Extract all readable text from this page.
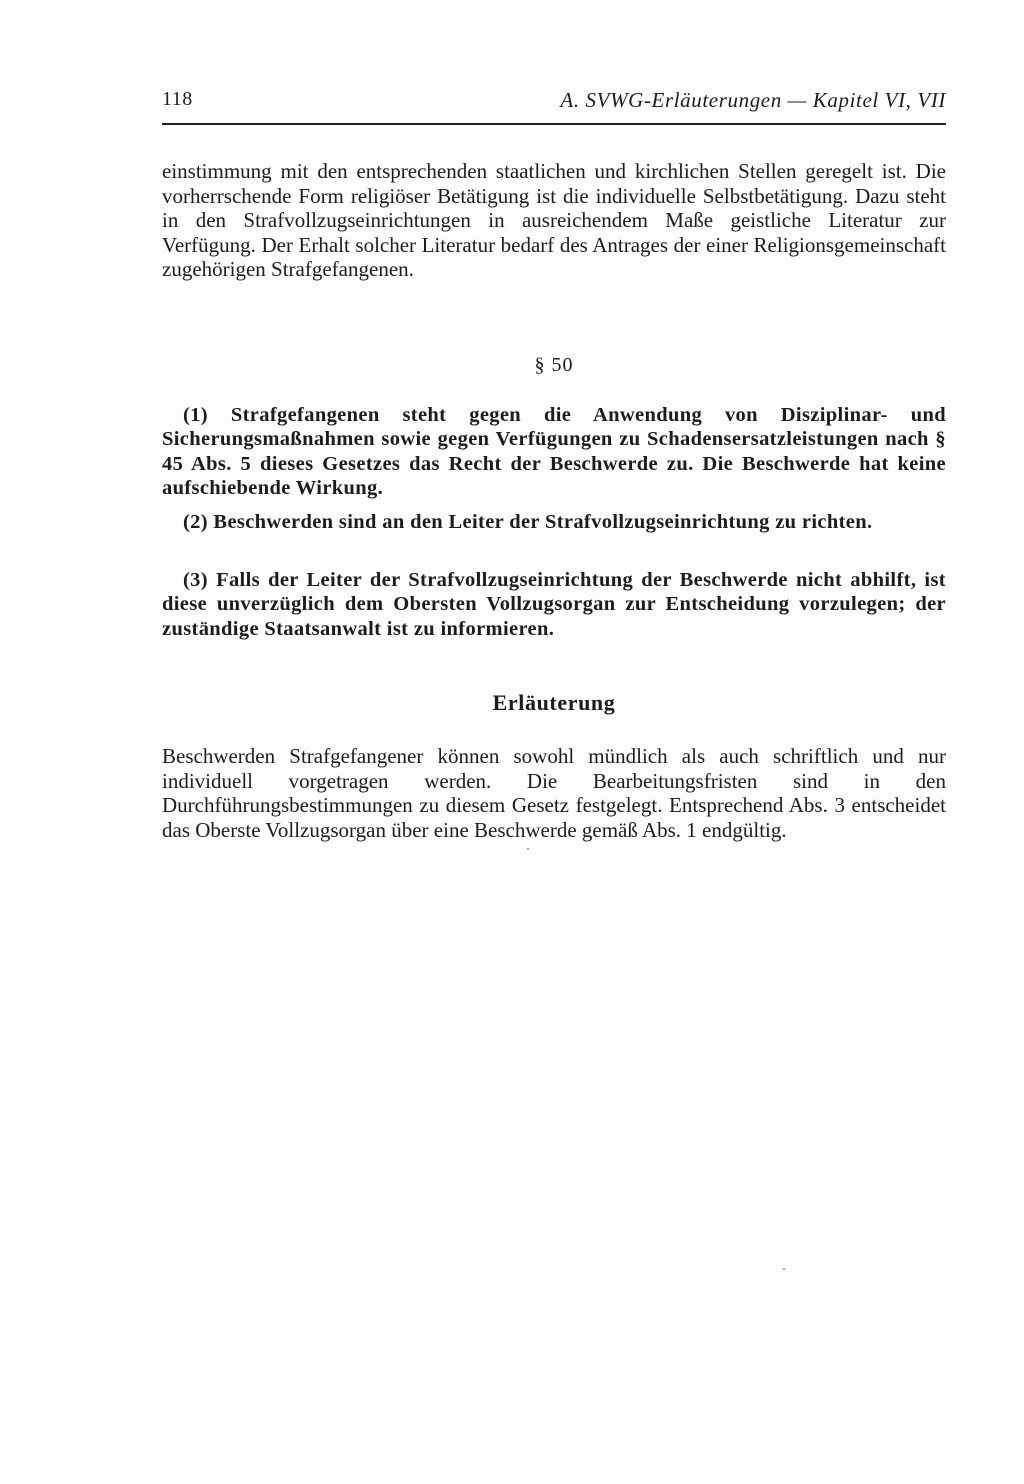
118	A. SVWG-Erläuterungen — Kapitel VI, VII

einstimmung mit den entsprechenden staatlichen und kirchlichen Stellen geregelt ist. Die vorherrschende Form religiöser Betätigung ist die individuelle Selbstbetätigung. Dazu steht in den Strafvollzugseinrichtungen in ausreichendem Maße geistliche Literatur zur Verfügung. Der Erhalt solcher Literatur bedarf des Antrages der einer Religionsgemeinschaft zugehörigen Strafgefangenen.

§ 50

(1) Strafgefangenen steht gegen die Anwendung von Disziplinar- und Sicherungsmaßnahmen sowie gegen Verfügungen zu Schadensersatzleistungen nach § 45 Abs. 5 dieses Gesetzes das Recht der Beschwerde zu. Die Beschwerde hat keine aufschiebende Wirkung.

(2) Beschwerden sind an den Leiter der Strafvollzugseinrichtung zu richten.

(3) Falls der Leiter der Strafvollzugseinrichtung der Beschwerde nicht abhilft, ist diese unverzüglich dem Obersten Vollzugsorgan zur Entscheidung vorzulegen; der zuständige Staatsanwalt ist zu informieren.

Erläuterung

Beschwerden Strafgefangener können sowohl mündlich als auch schriftlich und nur individuell vorgetragen werden. Die Bearbeitungsfristen sind in den Durchführungsbestimmungen zu diesem Gesetz festgelegt. Entsprechend Abs. 3 entscheidet das Oberste Vollzugsorgan über eine Beschwerde gemäß Abs. 1 endgültig.
